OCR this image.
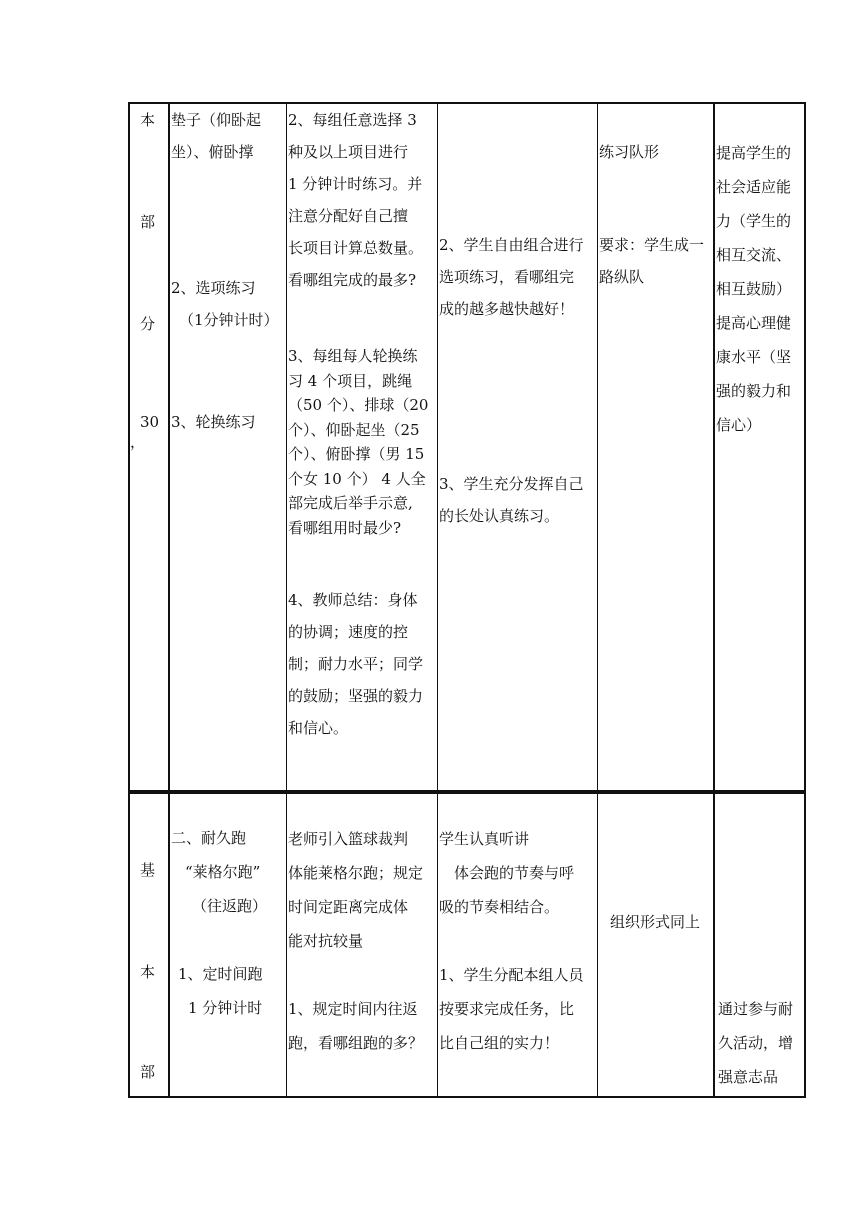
本
部
分
30
，
垫子（仰卧起
坐）、俯卧撑
2、选项练习
（1分钟计时）
3、轮换练习
2、每组任意选择 3
种及以上项目进行
1 分钟计时练习。并
注意分配好自己擅
长项目计算总数量。
看哪组完成的最多?
3、每组每人轮换练
习 4 个项目，跳绳
（50 个）、排球（20
个）、仰卧起坐（25
个）、俯卧撑（男 15
个女 10 个） 4 人全
部完成后举手示意,
看哪组用时最少?
4、教师总结：身体
的协调；速度的控
制；耐力水平；同学
的鼓励；坚强的毅力
和信心。
2、学生自由组合进行
选项练习，看哪组完
成的越多越快越好！
3、学生充分发挥自己
的长处认真练习。
练习队形
要求：学生成一
路纵队
提高学生的
社会适应能
力（学生的
相互交流、
相互鼓励）
提高心理健
康水平（坚
强的毅力和
信心）
基
本
部
二、耐久跑
“莱格尔跑”
（往返跑）
1、定时间跑
1 分钟计时
老师引入篮球裁判
体能莱格尔跑；规定
时间定距离完成体
能对抗较量
1、规定时间内往返
跑，看哪组跑的多？
学生认真听讲
　体会跑的节奏与呼
吸的节奏相结合。
1、学生分配本组人员
按要求完成任务，比
比自己组的实力！
组织形式同上
通过参与耐
久活动，增
强意志品
